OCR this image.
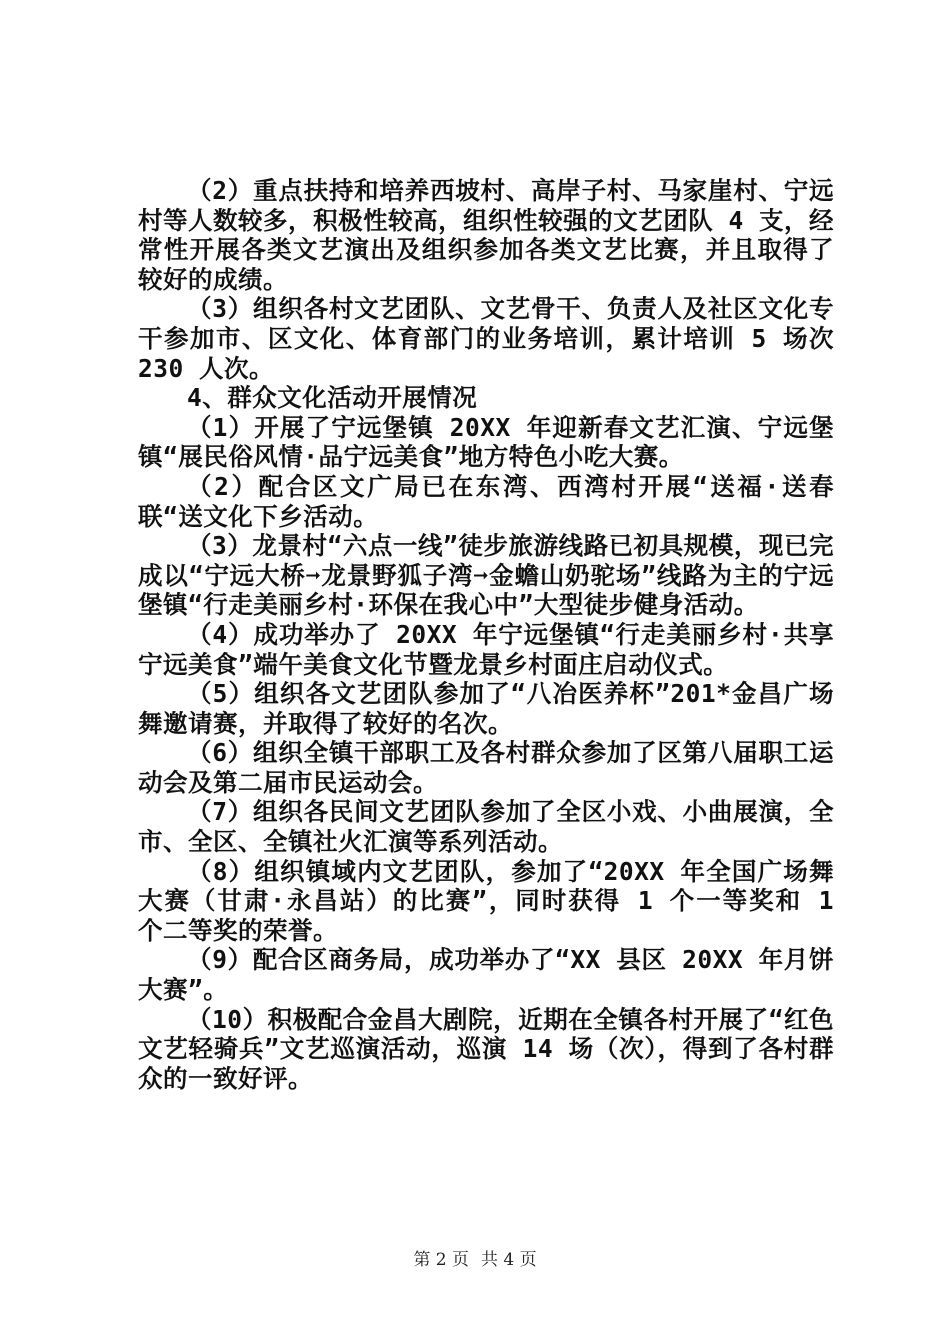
（2）重点扶持和培养西坡村、高岸子村、马家崖村、宁远村等人数较多，积极性较高，组织性较强的文艺团队 4 支，经常性开展各类文艺演出及组织参加各类文艺比赛，并且取得了较好的成绩。

（3）组织各村文艺团队、文艺骨干、负责人及社区文化专干参加市、区文化、体育部门的业务培训，累计培训 5 场次 230 人次。

4、群众文化活动开展情况

（1）开展了宁远堡镇 20XX 年迎新春文艺汇演、宁远堡镇“展民俗风情·品宁远美食”地方特色小吃大赛。

（2）配合区文广局已在东湾、西湾村开展“送福·送春联“送文化下乡活动。

（3）龙景村“六点一线”徒步旅游线路已初具规模，现已完成以“宁远大桥➞龙景野狐子湾➞金蟾山奶驼场”线路为主的宁远堡镇“行走美丽乡村·环保在我心中”大型徒步健身活动。

（4）成功举办了 20XX 年宁远堡镇“行走美丽乡村·共享宁远美食”端午美食文化节暨龙景乡村面庄启动仪式。

（5）组织各文艺团队参加了“八冶医养杯”201*金昌广场舞邀请赛，并取得了较好的名次。

（6）组织全镇干部职工及各村群众参加了区第八届职工运动会及第二届市民运动会。

（7）组织各民间文艺团队参加了全区小戏、小曲展演，全市、全区、全镇社火汇演等系列活动。

（8）组织镇域内文艺团队，参加了“20XX 年全国广场舞大赛（甘肃·永昌站）的比赛”，同时获得 1 个一等奖和 1 个二等奖的荣誉。

（9）配合区商务局，成功举办了“XX 县区 20XX 年月饼大赛”。

（10）积极配合金昌大剧院，近期在全镇各村开展了“红色文艺轻骑兵”文艺巡演活动，巡演 14 场（次），得到了各村群众的一致好评。

第 2 页 共 4 页
